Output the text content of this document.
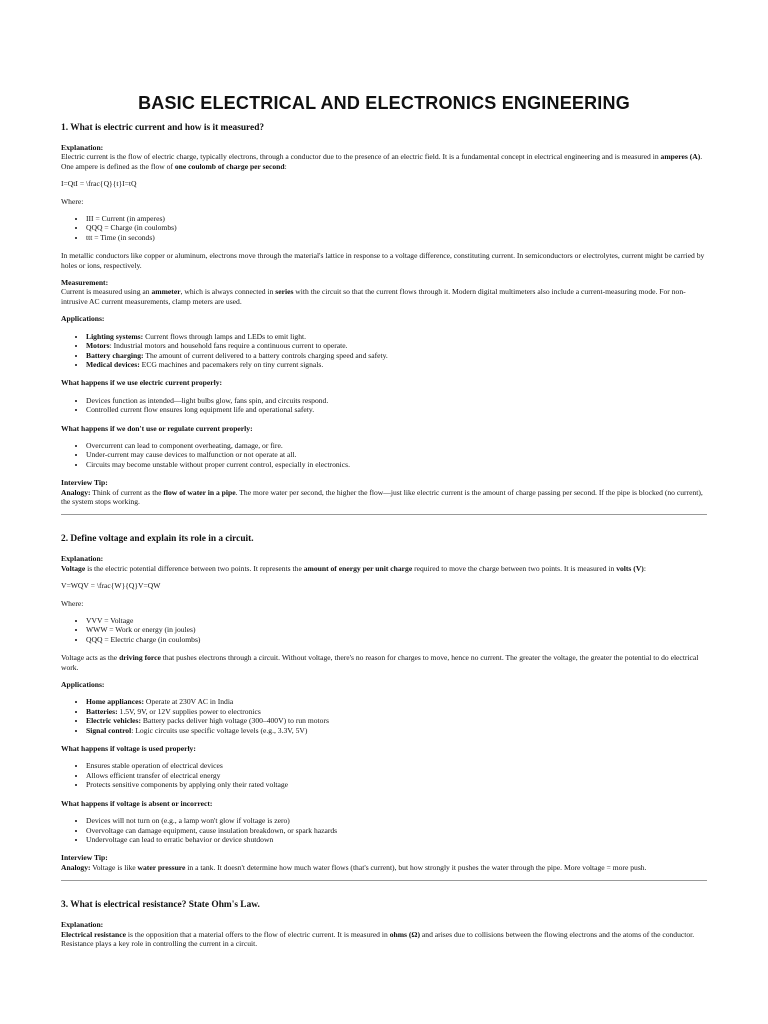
BASIC ELECTRICAL AND ELECTRONICS ENGINEERING
1. What is electric current and how is it measured?

Explanation:
Electric current is the flow of electric charge, typically electrons, through a conductor due to the presence of an electric field. It is a fundamental concept in electrical engineering and is measured in amperes (A). One ampere is defined as the flow of one coulomb of charge per second:

I=QtI = \frac{Q}{t}I=tQ

Where:

• III = Current (in amperes)
• QQQ = Charge (in coulombs)
• ttt = Time (in seconds)

In metallic conductors like copper or aluminum, electrons move through the material's lattice in response to a voltage difference, constituting current. In semiconductors or electrolytes, current might be carried by holes or ions, respectively.

Measurement:
Current is measured using an ammeter, which is always connected in series with the circuit so that the current flows through it. Modern digital multimeters also include a current-measuring mode. For non-intrusive AC current measurements, clamp meters are used.

Applications:
• Lighting systems: Current flows through lamps and LEDs to emit light.
• Motors: Industrial motors and household fans require a continuous current to operate.
• Battery charging: The amount of current delivered to a battery controls charging speed and safety.
• Medical devices: ECG machines and pacemakers rely on tiny current signals.
What happens if we use electric current properly:
• Devices function as intended—light bulbs glow, fans spin, and circuits respond.
• Controlled current flow ensures long equipment life and operational safety.
What happens if we don't use or regulate current properly:
• Overcurrent can lead to component overheating, damage, or fire.
• Under-current may cause devices to malfunction or not operate at all.
• Circuits may become unstable without proper current control, especially in electronics.

Interview Tip:
Analogy: Think of current as the flow of water in a pipe. The more water per second, the higher the flow—just like electric current is the amount of charge passing per second. If the pipe is blocked (no current), the system stops working.

2. Define voltage and explain its role in a circuit.

Explanation:
Voltage is the electric potential difference between two points. It represents the amount of energy per unit charge required to move the charge between two points. It is measured in volts (V):

V=WQV = \frac{W}{Q}V=QW

Where:

• VVV = Voltage
• WWW = Work or energy (in joules)
• QQQ = Electric charge (in coulombs)

Voltage acts as the driving force that pushes electrons through a circuit. Without voltage, there's no reason for charges to move, hence no current. The greater the voltage, the greater the potential to do electrical work.

Applications:
• Home appliances: Operate at 230V AC in India
• Batteries: 1.5V, 9V, or 12V supplies power to electronics
• Electric vehicles: Battery packs deliver high voltage (300–400V) to run motors
• Signal control: Logic circuits use specific voltage levels (e.g., 3.3V, 5V)
What happens if voltage is used properly:
• Ensures stable operation of electrical devices
• Allows efficient transfer of electrical energy
• Protects sensitive components by applying only their rated voltage
What happens if voltage is absent or incorrect:
• Devices will not turn on (e.g., a lamp won't glow if voltage is zero)
• Overvoltage can damage equipment, cause insulation breakdown, or spark hazards
• Undervoltage can lead to erratic behavior or device shutdown

Interview Tip:
Analogy: Voltage is like water pressure in a tank. It doesn't determine how much water flows (that's current), but how strongly it pushes the water through the pipe. More voltage = more push.

3. What is electrical resistance? State Ohm's Law.

Explanation:
Electrical resistance is the opposition that a material offers to the flow of electric current. It is measured in ohms (Ω) and arises due to collisions between the flowing electrons and the atoms of the conductor. Resistance plays a key role in controlling the current in a circuit.
